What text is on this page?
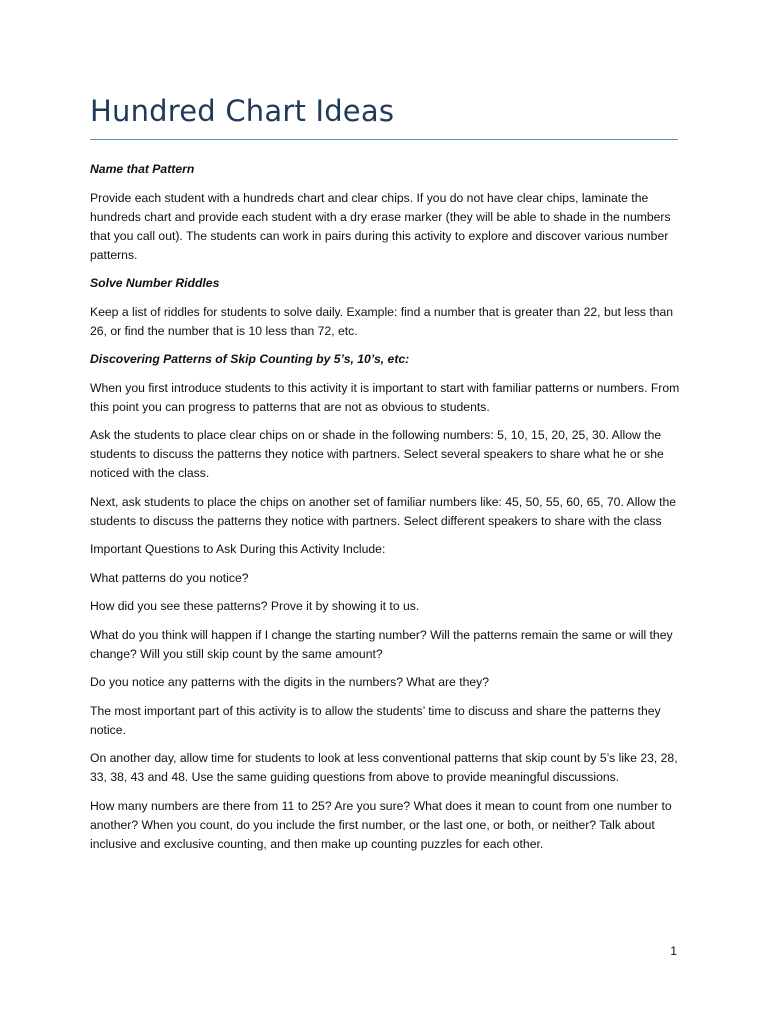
Hundred Chart Ideas

Name that Pattern

Provide each student with a hundreds chart and clear chips. If you do not have clear chips, laminate the hundreds chart and provide each student with a dry erase marker (they will be able to shade in the numbers that you call out). The students can work in pairs during this activity to explore and discover various number patterns.

Solve Number Riddles

Keep a list of riddles for students to solve daily. Example: find a number that is greater than 22, but less than 26, or find the number that is 10 less than 72, etc.

Discovering Patterns of Skip Counting by 5’s, 10’s, etc:

When you first introduce students to this activity it is important to start with familiar patterns or numbers. From this point you can progress to patterns that are not as obvious to students.

Ask the students to place clear chips on or shade in the following numbers: 5, 10, 15, 20, 25, 30. Allow the students to discuss the patterns they notice with partners. Select several speakers to share what he or she noticed with the class.

Next, ask students to place the chips on another set of familiar numbers like: 45, 50, 55, 60, 65, 70. Allow the students to discuss the patterns they notice with partners. Select different speakers to share with the class

Important Questions to Ask During this Activity Include:

What patterns do you notice?

How did you see these patterns? Prove it by showing it to us.

What do you think will happen if I change the starting number? Will the patterns remain the same or will they change? Will you still skip count by the same amount?

Do you notice any patterns with the digits in the numbers? What are they?

The most important part of this activity is to allow the students’ time to discuss and share the patterns they notice.

On another day, allow time for students to look at less conventional patterns that skip count by 5’s like 23, 28, 33, 38, 43 and 48. Use the same guiding questions from above to provide meaningful discussions.

How many numbers are there from 11 to 25? Are you sure? What does it mean to count from one number to another? When you count, do you include the first number, or the last one, or both, or neither? Talk about inclusive and exclusive counting, and then make up counting puzzles for each other.

1
